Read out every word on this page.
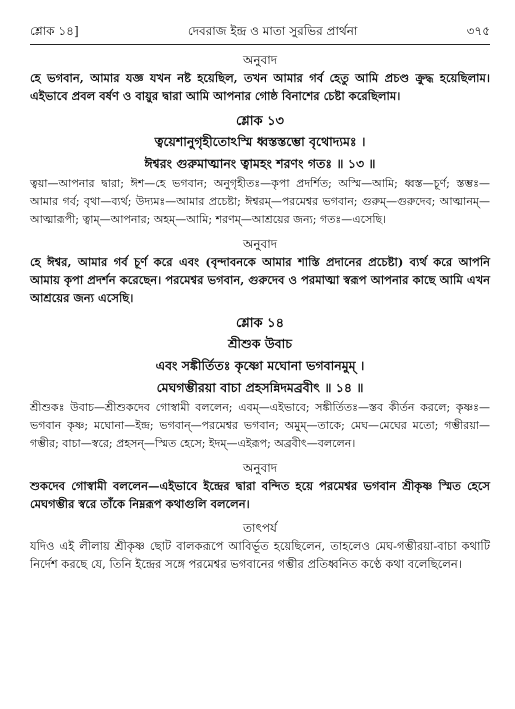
শ্লোক ১৪]	দেবরাজ ইন্দ্র ও মাতা সুরভির প্রার্থনা	৩৭৫
অনুবাদ

হে ভগবান, আমার যজ্ঞ যখন নষ্ট হয়েছিল, তখন আমার গর্ব হেতু আমি প্রচণ্ড ক্রুদ্ধ হয়েছিলাম। এইভাবে প্রবল বর্ষণ ও বায়ুর দ্বারা আমি আপনার গোষ্ঠ বিনাশের চেষ্টা করেছিলাম।

শ্লোক ১৩
ত্বয়েশানুগৃহীতোঽস্মি ধ্বস্তস্তম্ভো বৃথোদ্যমঃ ।
ঈশ্বরং গুরুমাত্মানং ত্বামহং শরণং গতঃ ॥ ১৩ ॥

ত্বয়া—আপনার দ্বারা; ঈশ—হে ভগবান; অনুগৃহীতঃ—কৃপা প্রদর্শিত; অস্মি—আমি; ধ্বস্ত—চূর্ণ; স্তম্ভঃ—আমার গর্ব; বৃথা—ব্যর্থ; উদ্যমঃ—আমার প্রচেষ্টা; ঈশ্বরম্—পরমেশ্বর ভগবান; গুরুম্—গুরুদেব; আত্মানম্—আত্মারূপী; ত্বাম্—আপনার; অহম্—আমি; শরণম্—আশ্রয়ের জন্য; গতঃ—এসেছি।

অনুবাদ

হে ঈশ্বর, আমার গর্ব চূর্ণ করে এবং (বৃন্দাবনকে আমার শাস্তি প্রদানের প্রচেষ্টা) ব্যর্থ করে আপনি আমায় কৃপা প্রদর্শন করেছেন। পরমেশ্বর ভগবান, গুরুদেব ও পরমাত্মা স্বরূপ আপনার কাছে আমি এখন আশ্রয়ের জন্য এসেছি।

শ্লোক ১৪
শ্রীশুক উবাচ
এবং সঙ্কীর্তিতঃ কৃষ্ণো মঘোনা ভগবানমুম্ ।
মেঘগম্ভীরয়া বাচা প্রহসন্নিদমব্রবীৎ ॥ ১৪ ॥

শ্রীশুকঃ উবাচ—শ্রীশুকদেব গোস্বামী বললেন; এবম্—এইভাবে; সঙ্কীর্তিতঃ—স্তব কীর্তন করলে; কৃষ্ণঃ—ভগবান কৃষ্ণ; মঘোনা—ইন্দ্র; ভগবান্—পরমেশ্বর ভগবান; অমুম্—তাকে; মেঘ—মেঘের মতো; গম্ভীরয়া—গম্ভীর; বাচা—স্বরে; প্রহসন্—স্মিত হেসে; ইদম্—এইরূপ; অব্রবীৎ—বললেন।

অনুবাদ

শুকদেব গোস্বামী বললেন—এইভাবে ইন্দ্রের দ্বারা বন্দিত হয়ে পরমেশ্বর ভগবান শ্রীকৃষ্ণ স্মিত হেসে মেঘগম্ভীর স্বরে তাঁকে নিম্নরূপ কথাগুলি বললেন।

তাৎপর্য

যদিও এই লীলায় শ্রীকৃষ্ণ ছোট বালকরূপে আবির্ভূত হয়েছিলেন, তাহলেও মেঘ-গম্ভীরয়া-বাচা কথাটি নির্দেশ করছে যে, তিনি ইন্দ্রের সঙ্গে পরমেশ্বর ভগবানের গম্ভীর প্রতিধ্বনিত কণ্ঠে কথা বলেছিলেন।
